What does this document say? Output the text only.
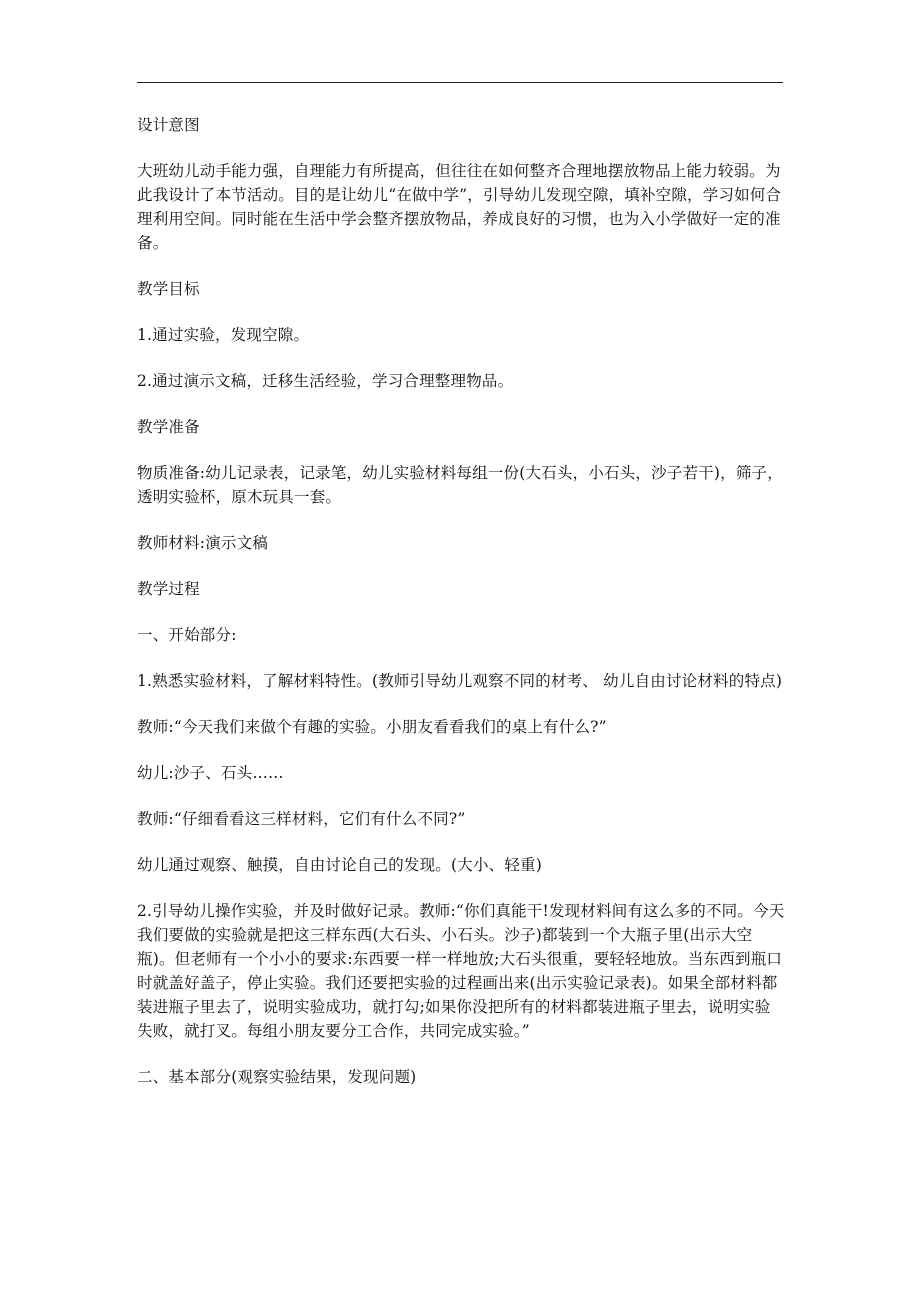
设计意图

大班幼儿动手能力强，自理能力有所提高，但往往在如何整齐合理地摆放物品上能力较弱。为此我设计了本节活动。目的是让幼儿“在做中学”，引导幼儿发现空隙，填补空隙，学习如何合理利用空间。同时能在生活中学会整齐摆放物品，养成良好的习惯，也为入小学做好一定的准备。

教学目标

1.通过实验，发现空隙。

2.通过演示文稿，迁移生活经验，学习合理整理物品。

教学准备

物质准备:幼儿记录表，记录笔，幼儿实验材料每组一份(大石头，小石头，沙子若干)，筛子，透明实验杯，原木玩具一套。

教师材料:演示文稿

教学过程

一、开始部分:

1.熟悉实验材料，了解材料特性。(教师引导幼儿观察不同的材考、 幼儿自由讨论材料的特点)

教师:“今天我们来做个有趣的实验。小朋友看看我们的桌上有什么?”

幼儿:沙子、石头……

教师:“仔细看看这三样材料，它们有什么不同?”

幼儿通过观察、触摸，自由讨论自己的发现。(大小、轻重)

2.引导幼儿操作实验，并及时做好记录。教师:“你们真能干!发现材料间有这么多的不同。今天我们要做的实验就是把这三样东西(大石头、小石头。沙子)都装到一个大瓶子里(出示大空瓶)。但老师有一个小小的要求:东西要一样一样地放;大石头很重，要轻轻地放。当东西到瓶口时就盖好盖子，停止实验。我们还要把实验的过程画出来(出示实验记录表)。如果全部材料都装进瓶子里去了，说明实验成功，就打勾;如果你没把所有的材料都装进瓶子里去，说明实验失败，就打叉。每组小朋友要分工合作，共同完成实验。”

二、基本部分(观察实验结果，发现问题)
